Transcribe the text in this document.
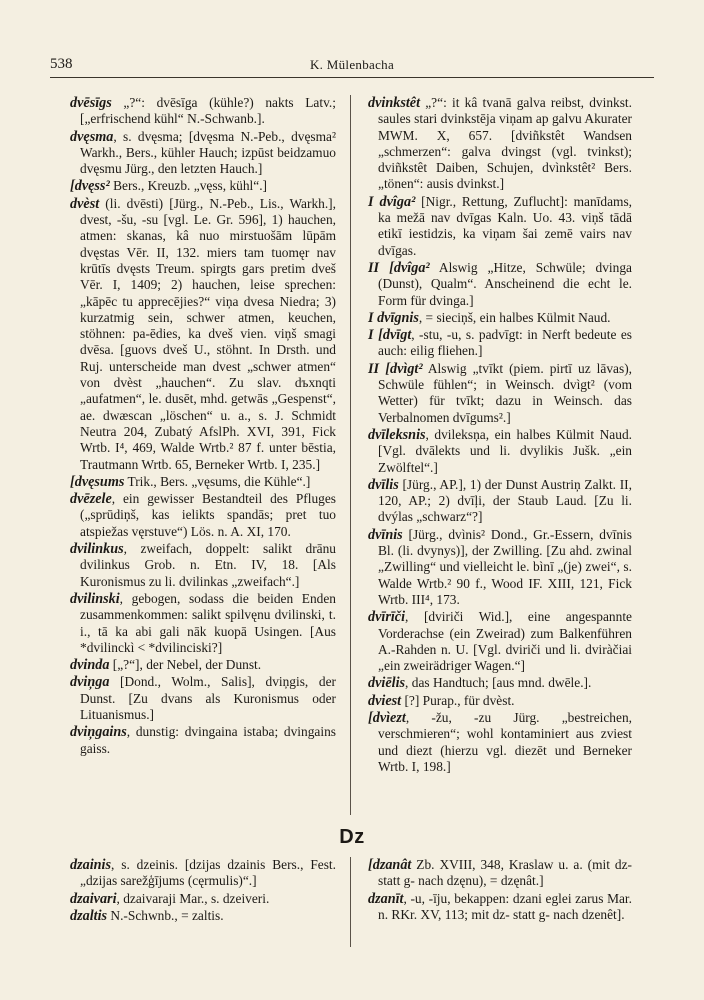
538	K. Mülenbacha

dvēsīgs „?“: dvēsīga (kühle?) nakts Latv.; [„erfrischend kühl“ N.-Schwanb.].

dvęsma, s. dvęsma; [dvęsma N.-Peb., dvęsma² Warkh., Bers., kühler Hauch; izpūst beidzamuo dvęsmu Jürg., den letzten Hauch.]

[dvęss² Bers., Kreuzb. „vęss, kühl“.]

dvèst (li. dvēsti) [Jürg., N.-Peb., Lis., Warkh.], dvest, -šu, -su [vgl. Le. Gr. 596], 1) hauchen, atmen: skanas, kâ nuo mirstuošām lūpām dvęstas Vēr. II, 132. miers tam tuomęr nav krūtīs dvęsts Treum. spirgts gars pretim dveš Vēr. I, 1409; 2) hauchen, leise sprechen: „kāpēc tu apprecējies?“ viņa dvesa Niedra; 3) kurzatmig sein, schwer atmen, keuchen, stöhnen: pa-ēdies, ka dveš vien. viņš smagi dvēsa. [guovs dveš U., stöhnt. In Drsth. und Ruj. unterscheide man dvest „schwer atmen“ von dvèst „hauchen“. Zu slav. dъхnqti „aufatmen“, le. dusēt, mhd. getwās „Gespenst“, ae. dwæscan „löschen“ u. a., s. J. Schmidt Neutra 204, Zubatý AfslPh. XVI, 391, Fick Wrtb. I⁴, 469, Walde Wrtb.² 87 f. unter bēstia, Trautmann Wrtb. 65, Berneker Wrtb. I, 235.]

[dvęsums Trik., Bers. „vęsums, die Kühle“.]

dvēzele, ein gewisser Bestandteil des Pfluges („sprūdiņš, kas ielikts spandās; pret tuo atspiežas vęrstuve“) Lös. n. A. XI, 170.

dvilinkus, zweifach, doppelt: salikt drānu dvilinkus Grob. n. Etn. IV, 18. [Als Kuronismus zu li. dvilinkas „zweifach“.]

dvilinski, gebogen, sodass die beiden Enden zusammenkommen: salikt spilvęnu dvilinski, t. i., tā ka abi gali nāk kuopā Usingen. [Aus *dvilinckì < *dvilinciski?]

dvinda [„?“], der Nebel, der Dunst.

dviņga [Dond., Wolm., Salis], dviņgis, der Dunst. [Zu dvans als Kuronismus oder Lituanismus.]

dviņgains, dunstig: dvingaina istaba; dvingains gaiss.

dvinkstêt „?“: it kâ tvanā galva reibst, dvinkst. saules stari dvinkstēja viņam ap galvu Akurater MWM. X, 657. [dviñkstêt Wandsen „schmerzen“: galva dvingst (vgl. tvinkst); dviñkstêt Daiben, Schujen, dvìnkstêt² Bers. „tönen“: ausis dvinkst.]

I dvîga² [Nigr., Rettung, Zuflucht]: manīdams, ka mežā nav dvīgas Kaln. Uo. 43. viņš tādā etikī iestidzis, ka viņam šai zemē vairs nav dvīgas.

II [dvîga² Alswig „Hitze, Schwüle; dvinga (Dunst), Qualm“. Anscheinend die echt le. Form für dvinga.]

I dvīgnis, = sieciņš, ein halbes Külmit Naud.

I [dvīgt, -stu, -u, s. padvīgt: in Nerft bedeute es auch: eilig fliehen.]

II [dvìgt² Alswig „tvīkt (piem. pirtī uz lāvas), Schwüle fühlen“; in Weinsch. dvìgt² (vom Wetter) für tvīkt; dazu in Weinsch. das Verbalnomen dvīgums².]

dvīleksnis, dvileksņa, ein halbes Külmit Naud. [Vgl. dvālekts und li. dvylikis Jušk. „ein Zwölftel“.]

dvīlis [Jürg., AP.], 1) der Dunst Austriņ Zalkt. II, 120, AP.; 2) dvīļi, der Staub Laud. [Zu li. dvýlas „schwarz“?]

dvīnis [Jürg., dvìnis² Dond., Gr.-Essern, dvīnis Bl. (li. dvynys)], der Zwilling. [Zu ahd. zwinal „Zwilling“ und vielleicht le. bìnī „(je) zwei“, s. Walde Wrtb.² 90 f., Wood IF. XIII, 121, Fick Wrtb. III⁴, 173.

dvīrīči, [dviriči Wid.], eine angespannte Vorderachse (ein Zweirad) zum Balkenführen A.-Rahden n. U. [Vgl. dviriči und li. dviràčiai „ein zweirädriger Wagen.“]

dviēlis, das Handtuch; [aus mnd. dwēle.].

dviest [?] Purap., für dvèst.

[dvìezt, -žu, -zu Jürg. „bestreichen, verschmieren“; wohl kontaminiert aus zviest und diezt (hierzu vgl. diezēt und Berneker Wrtb. I, 198.]

Dz

dzainis, s. dzeinis. [dzijas dzainis Bers., Fest. „dzijas sarežģījums (cęrmulis)“.]

dzaivari, dzaivaraji Mar., s. dzeiveri.

dzaltis N.-Schwnb., = zaltis.

[dzanât Zb. XVIII, 348, Kraslaw u. a. (mit dz- statt g- nach dzęnu), = dzęnât.]

dzanīt, -u, -īju, bekappen: dzani eglei zarus Mar. n. RKr. XV, 113; mit dz- statt g- nach dzenêt].
